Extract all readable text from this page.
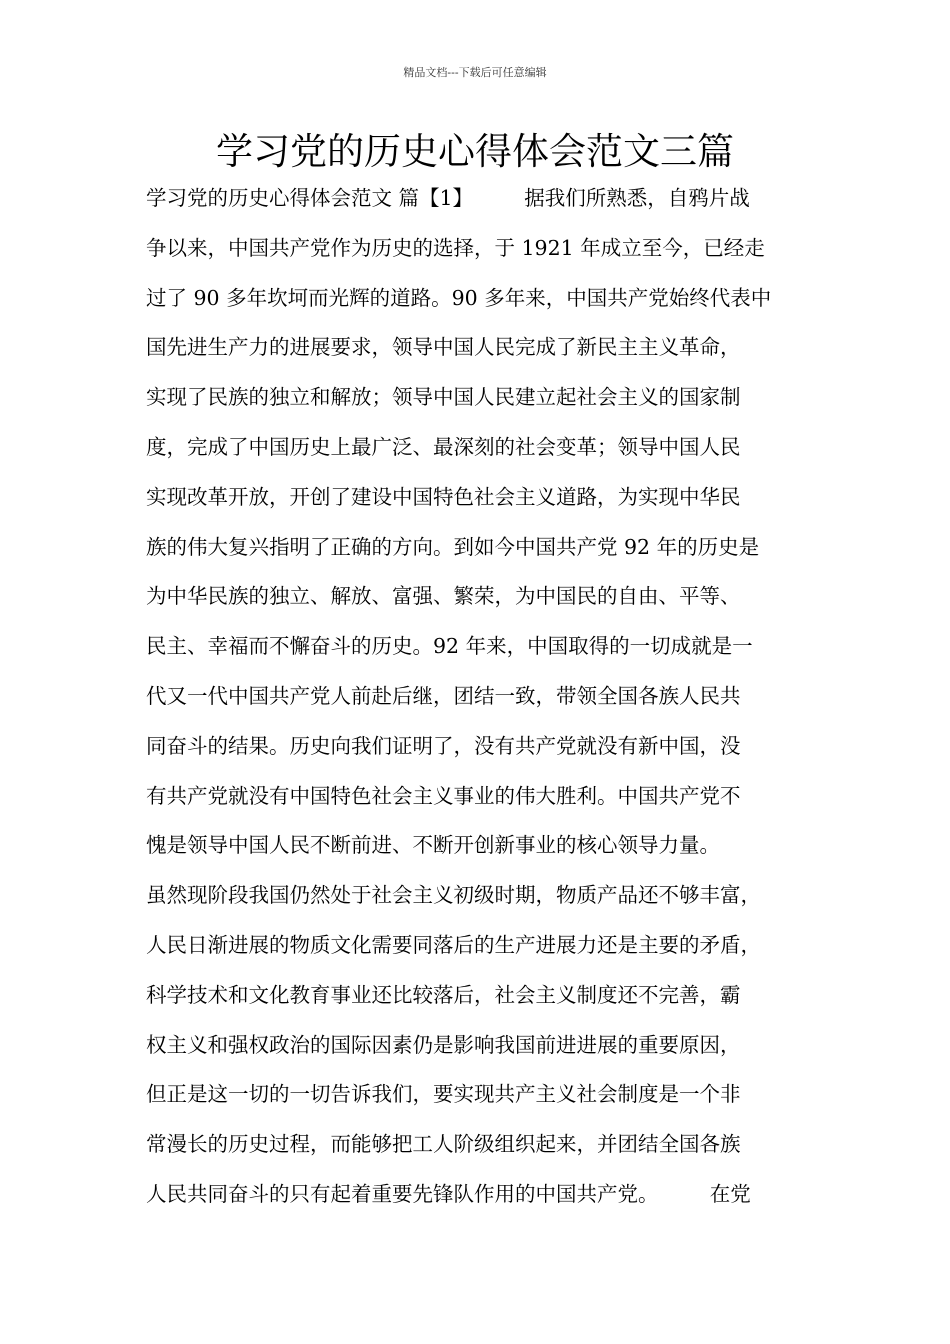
精品文档---下载后可任意编辑
学习党的历史心得体会范文三篇
学习党的历史心得体会范文 篇【1】　　　据我们所熟悉，自鸦片战
争以来，中国共产党作为历史的选择，于 1921 年成立至今，已经走
过了 90 多年坎坷而光辉的道路。90 多年来，中国共产党始终代表中
国先进生产力的进展要求，领导中国人民完成了新民主主义革命，
实现了民族的独立和解放；领导中国人民建立起社会主义的国家制
度，完成了中国历史上最广泛、最深刻的社会变革；领导中国人民
实现改革开放，开创了建设中国特色社会主义道路，为实现中华民
族的伟大复兴指明了正确的方向。到如今中国共产党 92 年的历史是
为中华民族的独立、解放、富强、繁荣，为中国民的自由、平等、
民主、幸福而不懈奋斗的历史。92 年来，中国取得的一切成就是一
代又一代中国共产党人前赴后继，团结一致，带领全国各族人民共
同奋斗的结果。历史向我们证明了，没有共产党就没有新中国，没
有共产党就没有中国特色社会主义事业的伟大胜利。中国共产党不
愧是领导中国人民不断前进、不断开创新事业的核心领导力量。
虽然现阶段我国仍然处于社会主义初级时期，物质产品还不够丰富，
人民日渐进展的物质文化需要同落后的生产进展力还是主要的矛盾，
科学技术和文化教育事业还比较落后，社会主义制度还不完善，霸
权主义和强权政治的国际因素仍是影响我国前进进展的重要原因，
但正是这一切的一切告诉我们，要实现共产主义社会制度是一个非
常漫长的历史过程，而能够把工人阶级组织起来，并团结全国各族
人民共同奋斗的只有起着重要先锋队作用的中国共产党。　　　在党
